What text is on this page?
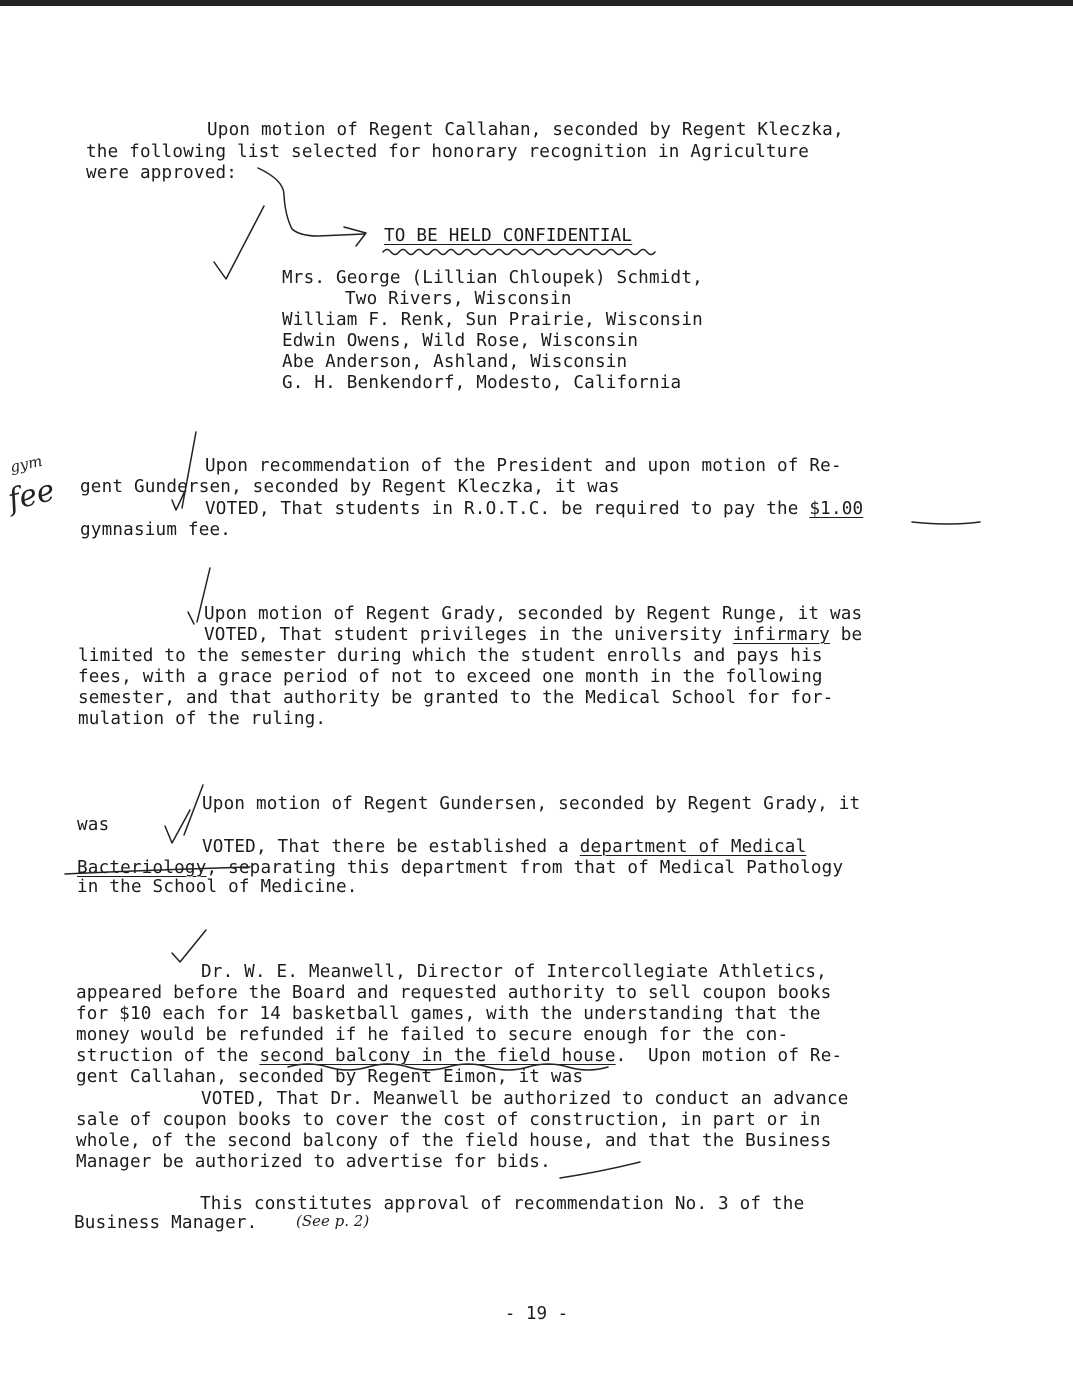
Upon motion of Regent Callahan, seconded by Regent Kleczka,
the following list selected for honorary recognition in Agriculture
were approved:
TO BE HELD CONFIDENTIAL
Mrs. George (Lillian Chloupek) Schmidt,
Two Rivers, Wisconsin
William F. Renk, Sun Prairie, Wisconsin
Edwin Owens, Wild Rose, Wisconsin
Abe Anderson, Ashland, Wisconsin
G. H. Benkendorf, Modesto, California
Upon recommendation of the President and upon motion of Re-
gent Gundersen, seconded by Regent Kleczka, it was
VOTED, That students in R.O.T.C. be required to pay the $1.00
gymnasium fee.
Upon motion of Regent Grady, seconded by Regent Runge, it was
VOTED, That student privileges in the university infirmary be
limited to the semester during which the student enrolls and pays his
fees, with a grace period of not to exceed one month in the following
semester, and that authority be granted to the Medical School for for-
mulation of the ruling.
Upon motion of Regent Gundersen, seconded by Regent Grady, it
was
VOTED, That there be established a department of Medical
Bacteriology, separating this department from that of Medical Pathology
in the School of Medicine.
Dr. W. E. Meanwell, Director of Intercollegiate Athletics,
appeared before the Board and requested authority to sell coupon books
for $10 each for 14 basketball games, with the understanding that the
money would be refunded if he failed to secure enough for the con-
struction of the second balcony in the field house.  Upon motion of Re-
gent Callahan, seconded by Regent Eimon, it was
VOTED, That Dr. Meanwell be authorized to conduct an advance
sale of coupon books to cover the cost of construction, in part or in
whole, of the second balcony of the field house, and that the Business
Manager be authorized to advertise for bids.
This constitutes approval of recommendation No. 3 of the
Business Manager.	(See p. 2)
gym
fee
- 19 -
